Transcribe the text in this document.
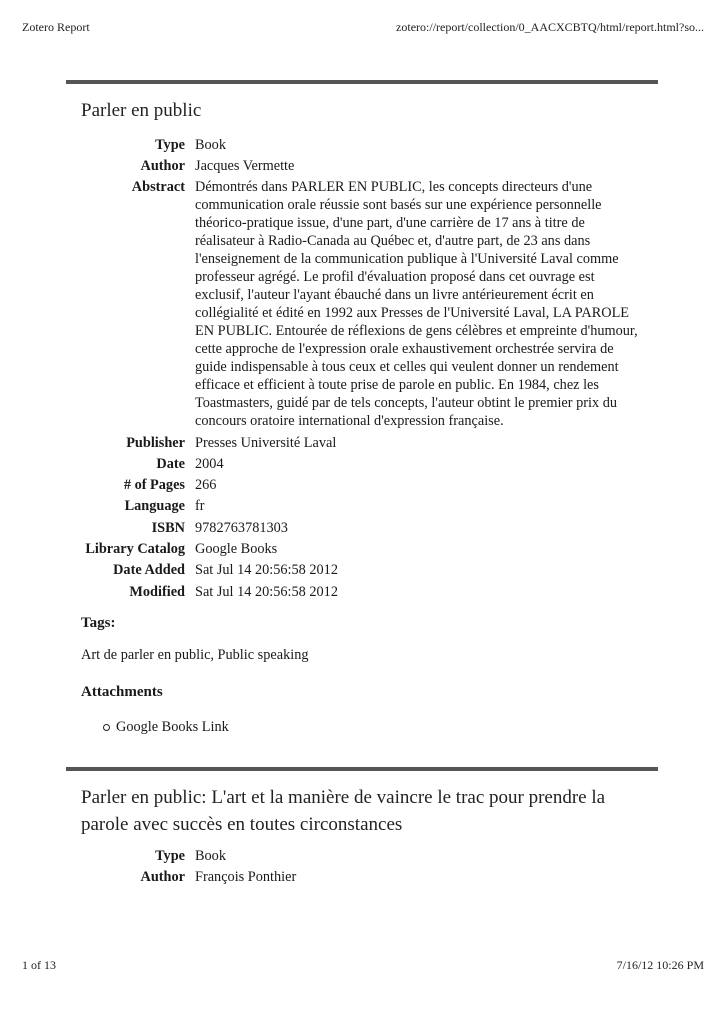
Zotero Report	zotero://report/collection/0_AACXCBTQ/html/report.html?so...
Parler en public
Type	Book
Author	Jacques Vermette
Abstract	Démontrés dans PARLER EN PUBLIC, les concepts directeurs d'une communication orale réussie sont basés sur une expérience personnelle théorico-pratique issue, d'une part, d'une carrière de 17 ans à titre de réalisateur à Radio-Canada au Québec et, d'autre part, de 23 ans dans l'enseignement de la communication publique à l'Université Laval comme professeur agrégé. Le profil d'évaluation proposé dans cet ouvrage est exclusif, l'auteur l'ayant ébauché dans un livre antérieurement écrit en collégialité et édité en 1992 aux Presses de l'Université Laval, LA PAROLE EN PUBLIC. Entourée de réflexions de gens célèbres et empreinte d'humour, cette approche de l'expression orale exhaustivement orchestrée servira de guide indispensable à tous ceux et celles qui veulent donner un rendement efficace et efficient à toute prise de parole en public. En 1984, chez les Toastmasters, guidé par de tels concepts, l'auteur obtint le premier prix du concours oratoire international d'expression française.
Publisher	Presses Université Laval
Date	2004
# of Pages	266
Language	fr
ISBN	9782763781303
Library Catalog	Google Books
Date Added	Sat Jul 14 20:56:58 2012
Modified	Sat Jul 14 20:56:58 2012
Tags:
Art de parler en public, Public speaking
Attachments
Google Books Link
Parler en public: L'art et la manière de vaincre le trac pour prendre la parole avec succès en toutes circonstances
Type	Book
Author	François Ponthier
1 of 13	7/16/12 10:26 PM
